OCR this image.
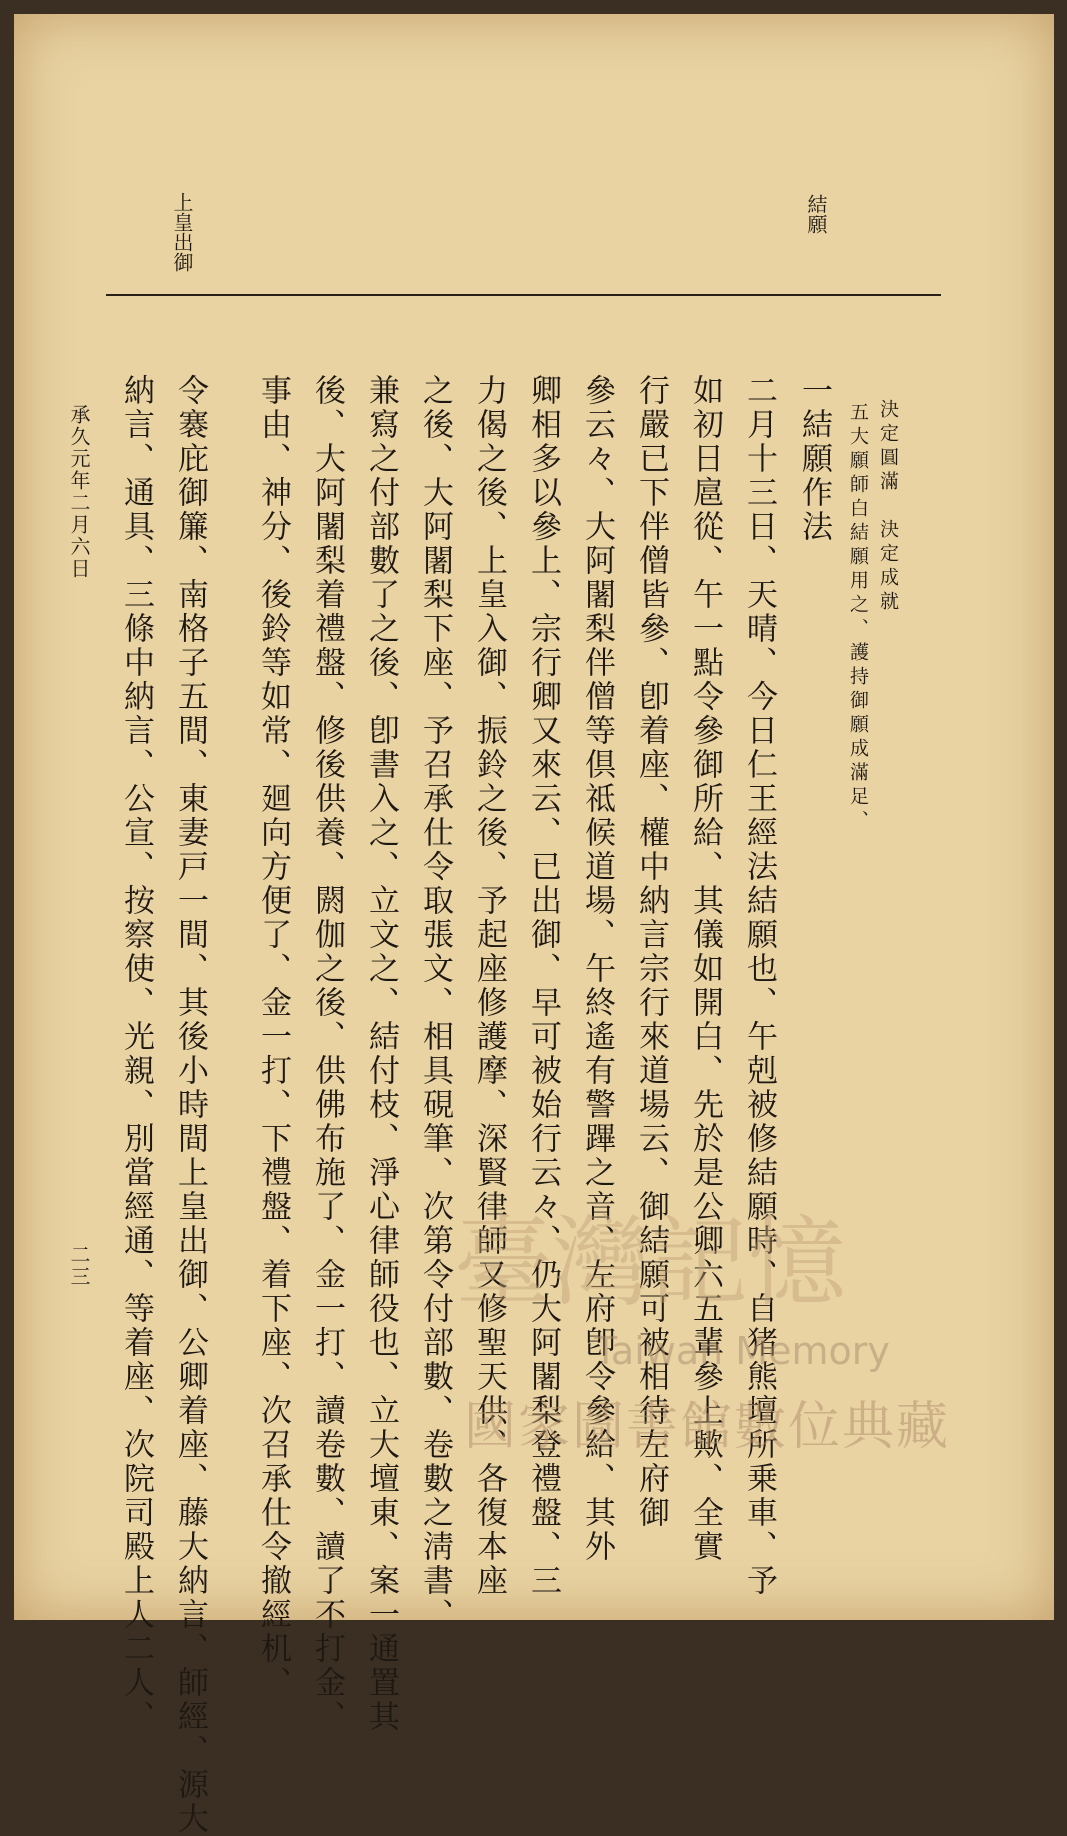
結願
上皇出御
決定圓滿　決定成就
五大願師白結願用之、護持御願成滿足、
一結願作法
二月十三日、天晴、今日仁王經法結願也、午剋被修結願時、自猪熊壇所乗車、予
如初日扈從、午一點令參御所給、其儀如開白、先於是公卿六五輩參上歟、全實
行嚴已下伴僧皆參、卽着座、權中納言宗行來道場云、御結願可被相待左府御
參云々、大阿闍梨伴僧等倶祗候道場、午終遙有警蹕之音、左府卽令參給、其外
卿相多以參上、宗行卿又來云、已出御、早可被始行云々、仍大阿闍梨登禮盤、三
力偈之後、上皇入御、振鈴之後、予起座修護摩、深賢律師又修聖天供、各復本座
之後、大阿闍梨下座、予召承仕令取張文、相具硯筆、次第令付部數、卷數之淸書、
兼寫之付部數了之後、卽書入之、立文之、結付枝、淨心律師役也、立大壇東、案一通置其
後、大阿闍梨着禮盤、修後供養、閼伽之後、供佛布施了、金一打、讀卷數、讀了不打金、
事由、神分、後鈴等如常、廻向方便了、金一打、下禮盤、着下座、次召承仕令撤經机、
令褰庇御簾、南格子五間、東妻戸一間、其後小時間上皇出御、公卿着座、藤大納言、師經、源大
納言、通具、三條中納言、公宣、按察使、光親、別當經通、等着座、次院司殿上人二人、
承久元年二月六日
二三	臺灣記憶
Taiwan Memory
國家圖書館數位典藏
